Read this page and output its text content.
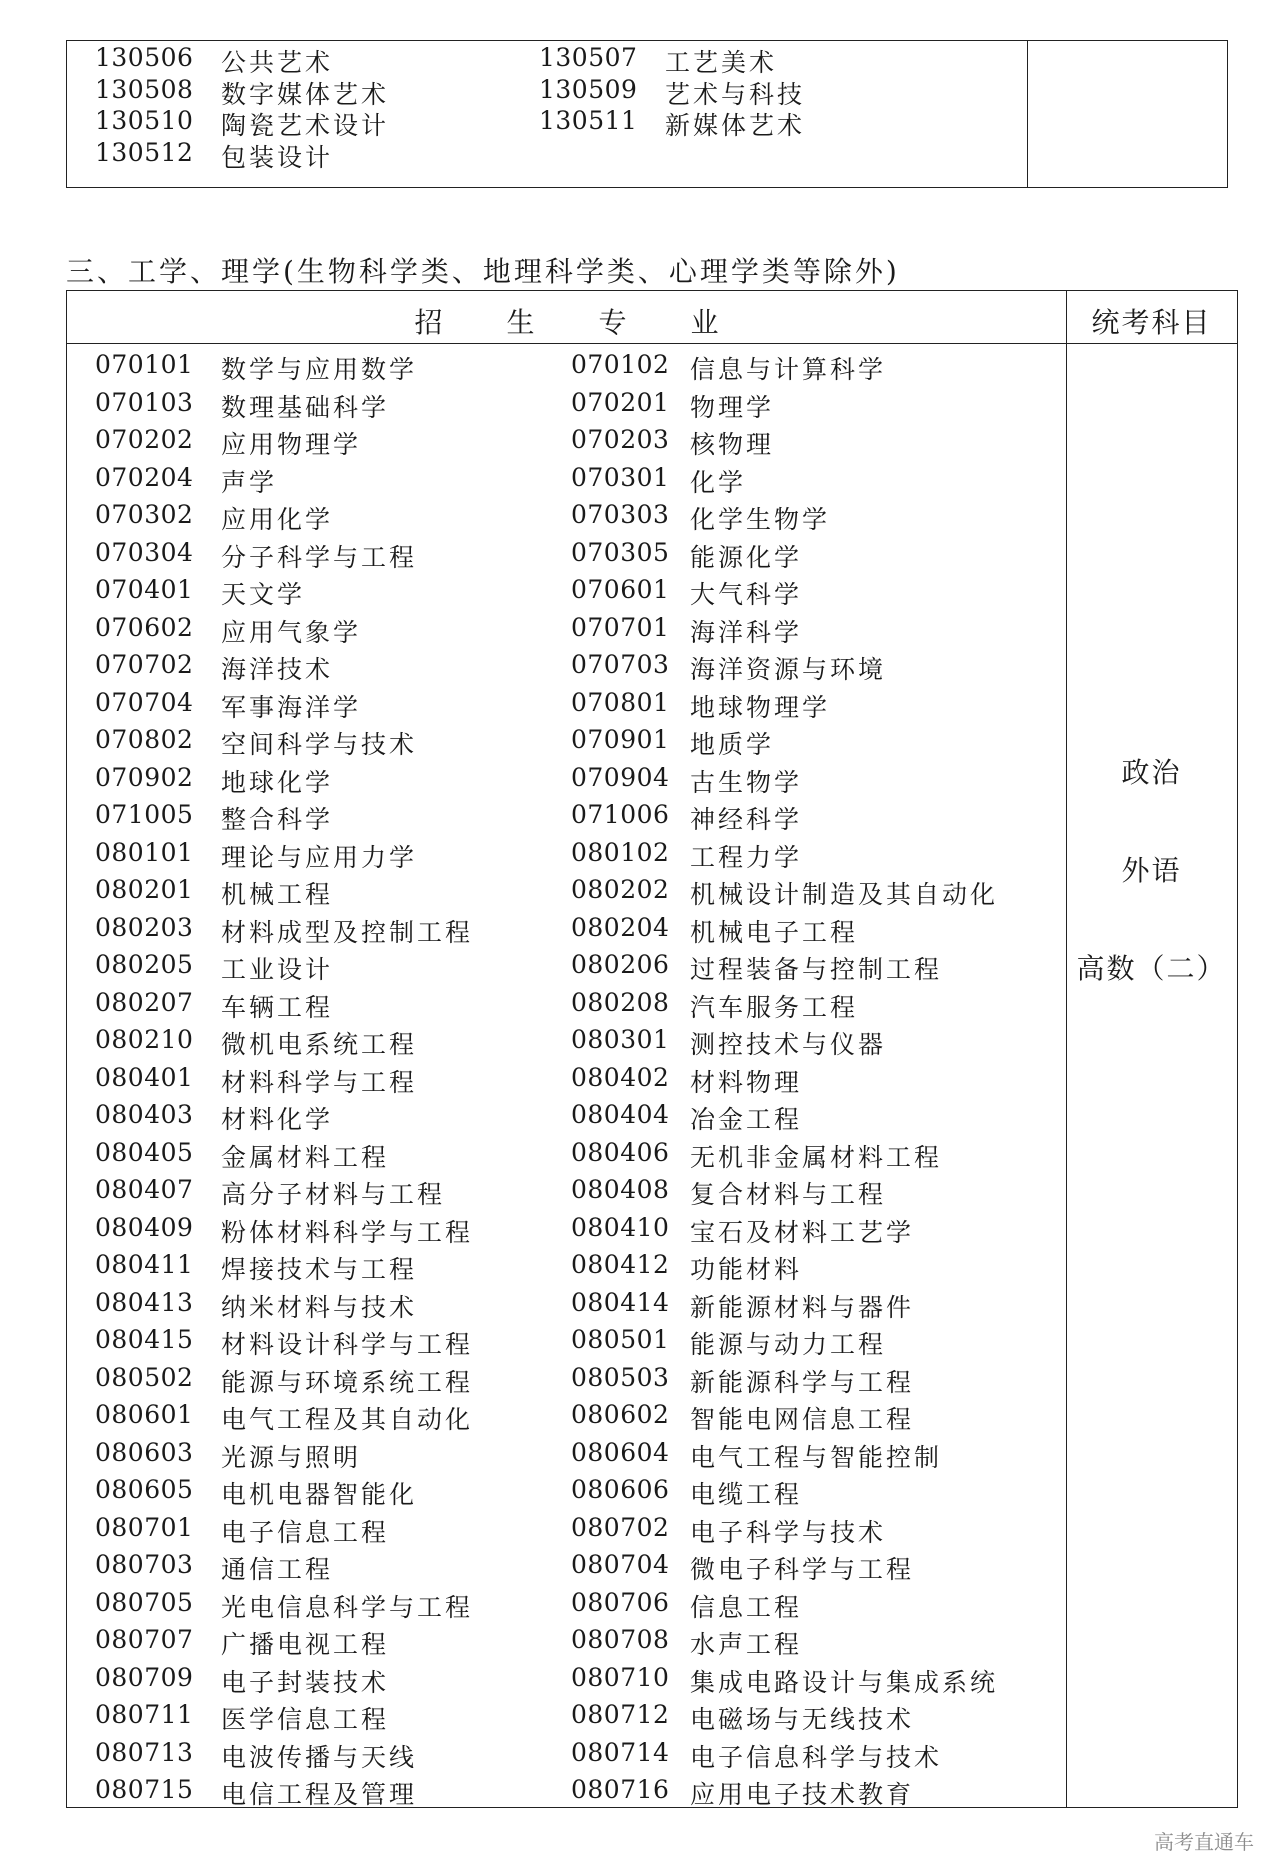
130506 公共艺术	130507 工艺美术
130508 数字媒体艺术	130509 艺术与科技
130510 陶瓷艺术设计	130511 新媒体艺术
130512 包装设计
三、工学、理学(生物科学类、地理科学类、心理学类等除外)
招生专业	统考科目
070101 数学与应用数学	070102 信息与计算科学
070103 数理基础科学	070201 物理学
070202 应用物理学	070203 核物理
070204 声学	070301 化学
070302 应用化学	070303 化学生物学
070304 分子科学与工程	070305 能源化学
070401 天文学	070601 大气科学
070602 应用气象学	070701 海洋科学
070702 海洋技术	070703 海洋资源与环境
070704 军事海洋学	070801 地球物理学
070802 空间科学与技术	070901 地质学
070902 地球化学	070904 古生物学
071005 整合科学	071006 神经科学
080101 理论与应用力学	080102 工程力学
080201 机械工程	080202 机械设计制造及其自动化
080203 材料成型及控制工程	080204 机械电子工程
080205 工业设计	080206 过程装备与控制工程
080207 车辆工程	080208 汽车服务工程
080210 微机电系统工程	080301 测控技术与仪器
080401 材料科学与工程	080402 材料物理
080403 材料化学	080404 冶金工程
080405 金属材料工程	080406 无机非金属材料工程
080407 高分子材料与工程	080408 复合材料与工程
080409 粉体材料科学与工程	080410 宝石及材料工艺学
080411 焊接技术与工程	080412 功能材料
080413 纳米材料与技术	080414 新能源材料与器件
080415 材料设计科学与工程	080501 能源与动力工程
080502 能源与环境系统工程	080503 新能源科学与工程
080601 电气工程及其自动化	080602 智能电网信息工程
080603 光源与照明	080604 电气工程与智能控制
080605 电机电器智能化	080606 电缆工程
080701 电子信息工程	080702 电子科学与技术
080703 通信工程	080704 微电子科学与工程
080705 光电信息科学与工程	080706 信息工程
080707 广播电视工程	080708 水声工程
080709 电子封装技术	080710 集成电路设计与集成系统
080711 医学信息工程	080712 电磁场与无线技术
080713 电波传播与天线	080714 电子信息科学与技术
080715 电信工程及管理	080716 应用电子技术教育
政治
外语
高数（二）
高考直通车
